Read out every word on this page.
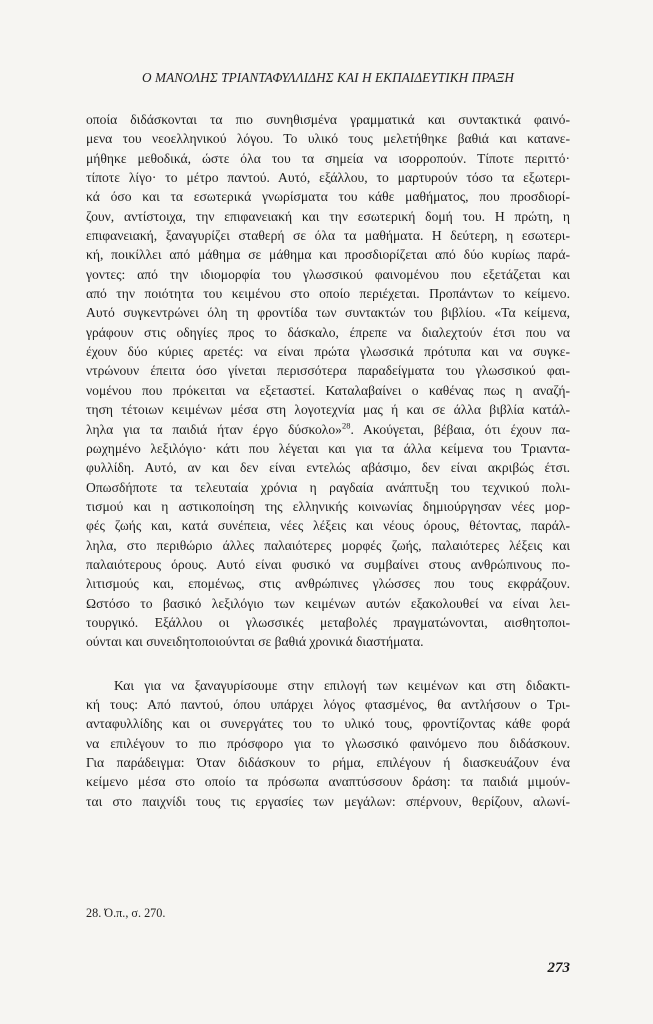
Ο ΜΑΝΟΛΗΣ ΤΡΙΑΝΤΑΦΥΛΛΙΔΗΣ ΚΑΙ Η ΕΚΠΑΙΔΕΥΤΙΚΗ ΠΡΑΞΗ
οποία διδάσκονται τα πιο συνηθισμένα γραμματικά και συντακτικά φαινό-
μενα του νεοελληνικού λόγου. Το υλικό τους μελετήθηκε βαθιά και κατανε-
μήθηκε μεθοδικά, ώστε όλα του τα σημεία να ισορροπούν. Τίποτε περιττό·
τίποτε λίγο· το μέτρο παντού. Αυτό, εξάλλου, το μαρτυρούν τόσο τα εξωτερι-
κά όσο και τα εσωτερικά γνωρίσματα του κάθε μαθήματος, που προσδιορί-
ζουν, αντίστοιχα, την επιφανειακή και την εσωτερική δομή του. Η πρώτη, η
επιφανειακή, ξαναγυρίζει σταθερή σε όλα τα μαθήματα. Η δεύτερη, η εσωτερι-
κή, ποικίλλει από μάθημα σε μάθημα και προσδιορίζεται από δύο κυρίως παρά-
γοντες: από την ιδιομορφία του γλωσσικού φαινομένου που εξετάζεται και
από την ποιότητα του κειμένου στο οποίο περιέχεται. Προπάντων το κείμενο.
Αυτό συγκεντρώνει όλη τη φροντίδα των συντακτών του βιβλίου. «Τα κείμενα,
γράφουν στις οδηγίες προς το δάσκαλο, έπρεπε να διαλεχτούν έτσι που να
έχουν δύο κύριες αρετές: να είναι πρώτα γλωσσικά πρότυπα και να συγκε-
ντρώνουν έπειτα όσο γίνεται περισσότερα παραδείγματα του γλωσσικού φαι-
νομένου που πρόκειται να εξεταστεί. Καταλαβαίνει ο καθένας πως η αναζή-
τηση τέτοιων κειμένων μέσα στη λογοτεχνία μας ή και σε άλλα βιβλία κατάλ-
ληλα για τα παιδιά ήταν έργο δύσκολο»$^{28}$. Ακούγεται, βέβαια, ότι έχουν πα-
ρωχημένο λεξιλόγιο· κάτι που λέγεται και για τα άλλα κείμενα του Τριαντα-
φυλλίδη. Αυτό, αν και δεν είναι εντελώς αβάσιμο, δεν είναι ακριβώς έτσι.
Οπωσδήποτε τα τελευταία χρόνια η ραγδαία ανάπτυξη του τεχνικού πολι-
τισμού και η αστικοποίηση της ελληνικής κοινωνίας δημιούργησαν νέες μορ-
φές ζωής και, κατά συνέπεια, νέες λέξεις και νέους όρους, θέτοντας, παράλ-
ληλα, στο περιθώριο άλλες παλαιότερες μορφές ζωής, παλαιότερες λέξεις και
παλαιότερους όρους. Αυτό είναι φυσικό να συμβαίνει στους ανθρώπινους πο-
λιτισμούς και, επομένως, στις ανθρώπινες γλώσσες που τους εκφράζουν.
Ωστόσο το βασικό λεξιλόγιο των κειμένων αυτών εξακολουθεί να είναι λει-
τουργικό. Εξάλλου οι γλωσσικές μεταβολές πραγματώνονται, αισθητοποι-
ούνται και συνειδητοποιούνται σε βαθιά χρονικά διαστήματα.
Και για να ξαναγυρίσουμε στην επιλογή των κειμένων και στη διδακτι-
κή τους: Από παντού, όπου υπάρχει λόγος φτασμένος, θα αντλήσουν ο Τρι-
ανταφυλλίδης και οι συνεργάτες του το υλικό τους, φροντίζοντας κάθε φορά
να επιλέγουν το πιο πρόσφορο για το γλωσσικό φαινόμενο που διδάσκουν.
Για παράδειγμα: Όταν διδάσκουν το ρήμα, επιλέγουν ή διασκευάζουν ένα
κείμενο μέσα στο οποίο τα πρόσωπα αναπτύσσουν δράση: τα παιδιά μιμούν-
ται στο παιχνίδι τους τις εργασίες των μεγάλων: σπέρνουν, θερίζουν, αλωνί-
28. Ό.π., σ. 270.
273
